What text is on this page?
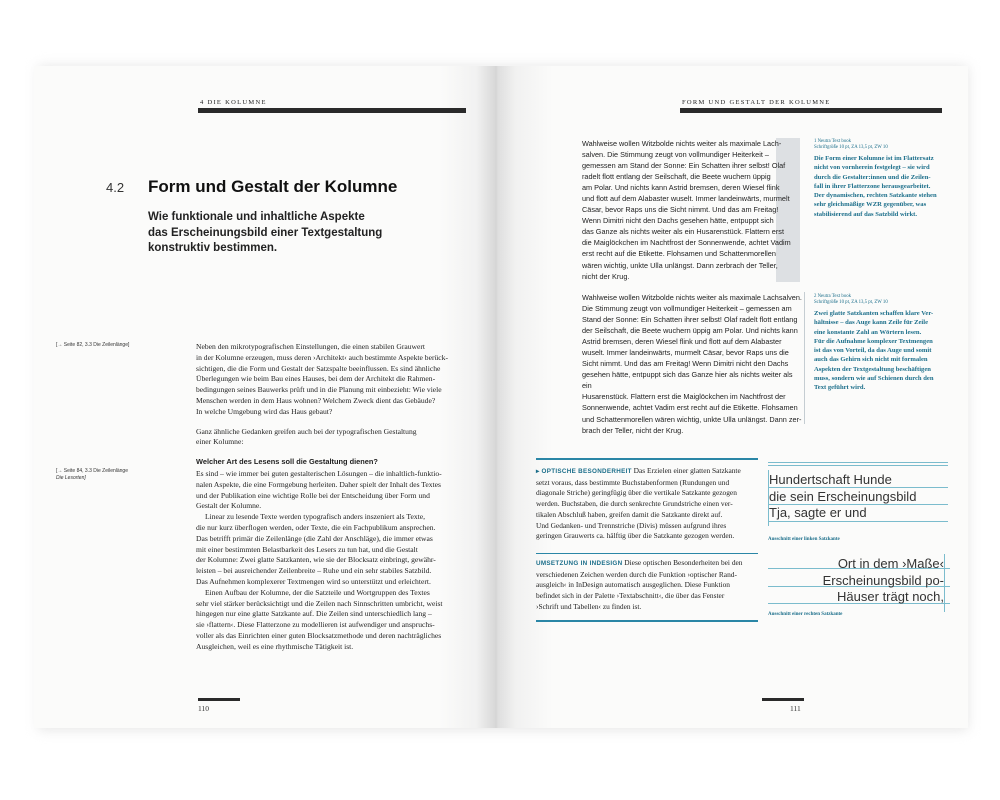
4 DIE KOLUMNE
4.2 Form und Gestalt der Kolumne
Wie funktionale und inhaltliche Aspekte
das Erscheinungsbild einer Textgestaltung
konstruktiv bestimmen.
[→ Seite 82, 3.3 Die Zeilenlänge]
[→ Seite 84, 3.3 Die Zeilenlänge
Die Lesorten]

Neben den mikrotypografischen Einstellungen, die einen stabilen Grauwert

in der Kolumne erzeugen, muss deren ›Architekt‹ auch bestimmte Aspekte berück-

sichtigen, die die Form und Gestalt der Satzspalte beeinflussen. Es sind ähnliche

Überlegungen wie beim Bau eines Hauses, bei dem der Architekt die Rahmen-

bedingungen seines Bauwerks prüft und in die Planung mit einbezieht: Wie viele

Menschen werden in dem Haus wohnen? Welchem Zweck dient das Gebäude?

In welche Umgebung wird das Haus gebaut?

Ganz ähnliche Gedanken greifen auch bei der typografischen Gestaltung

einer Kolumne:

Welcher Art des Lesens soll die Gestaltung dienen?

Es sind – wie immer bei guten gestalterischen Lösungen – die inhaltlich-funktio-

nalen Aspekte, die eine Formgebung herleiten. Daher spielt der Inhalt des Textes

und der Publikation eine wichtige Rolle bei der Entscheidung über Form und

Gestalt der Kolumne.

Linear zu lesende Texte werden typografisch anders inszeniert als Texte,

die nur kurz überflogen werden, oder Texte, die ein Fachpublikum ansprechen.

Das betrifft primär die Zeilenlänge (die Zahl der Anschläge), die immer etwas

mit einer bestimmten Belastbarkeit des Lesers zu tun hat, und die Gestalt

der Kolumne: Zwei glatte Satzkanten, wie sie der Blocksatz einbringt, gewähr-

leisten – bei ausreichender Zeilenbreite – Ruhe und ein sehr stabiles Satzbild.

Das Aufnehmen komplexerer Textmengen wird so unterstützt und erleichtert.

Einen Aufbau der Kolumne, der die Satzteile und Wortgruppen des Textes

sehr viel stärker berücksichtigt und die Zeilen nach Sinnschritten umbricht, weist

hingegen nur eine glatte Satzkante auf. Die Zeilen sind unterschiedlich lang –

sie ›flattern‹. Diese Flatterzone zu modellieren ist aufwendiger und anspruchs-

voller als das Einrichten einer guten Blocksatzmethode und deren nachträgliches

Ausgleichen, weil es eine rhythmische Tätigkeit ist.

110
FORM UND GESTALT DER KOLUMNE

Wahlweise wollen Witzbolde nichts weiter als maximale Lach-

salven. Die Stimmung zeugt von vollmundiger Heiterkeit –

gemessen am Stand der Sonne: Ein Schatten ihrer selbst! Olaf

radelt flott entlang der Seilschaft, die Beete wuchern üppig

am Polar. Und nichts kann Astrid bremsen, deren Wiesel flink

und flott auf dem Alabaster wuselt. Immer landeinwärts, murmelt

Cäsar, bevor Raps uns die Sicht nimmt. Und das am Freitag!

Wenn Dimitri nicht den Dachs gesehen hätte, entpuppt sich

das Ganze als nichts weiter als ein Husarenstück. Flattern erst

die Maiglöckchen im Nachtfrost der Sonnenwende, achtet Vadim

erst recht auf die Etikette. Flohsamen und Schattenmorellen

wären wichtig, unkte Ulla unlängst. Dann zerbrach der Teller,

nicht der Krug.

1 Neutra Text book
Schriftgröße 10 pt, ZA 13,5 pt, ZW 10
Die Form einer Kolumne ist im Flattersatz
nicht von vornherein festgelegt – sie wird
durch die Gestalter:innen und die Zeilen-
fall in ihrer Flatterzone herausgearbeitet.
Der dynamischen, rechten Satzkante stehen
sehr gleichmäßige WZR gegenüber, was
stabilisierend auf das Satzbild wirkt.

Wahlweise wollen Witzbolde nichts weiter als maximale Lachsalven.

Die Stimmung zeugt von vollmundiger Heiterkeit – gemessen am

Stand der Sonne: Ein Schatten ihrer selbst! Olaf radelt flott entlang

der Seilschaft, die Beete wuchern üppig am Polar. Und nichts kann

Astrid bremsen, deren Wiesel flink und flott auf dem Alabaster

wuselt. Immer landeinwärts, murmelt Cäsar, bevor Raps uns die

Sicht nimmt. Und das am Freitag! Wenn Dimitri nicht den Dachs

gesehen hätte, entpuppt sich das Ganze hier als nichts weiter als ein

Husarenstück. Flattern erst die Maiglöckchen im Nachtfrost der

Sonnenwende, achtet Vadim erst recht auf die Etikette. Flohsamen

und Schattenmorellen wären wichtig, unkte Ulla unlängst. Dann zer-

brach der Teller, nicht der Krug.

2 Neutra Text book
Schriftgröße 10 pt, ZA 13,5 pt, ZW 10
Zwei glatte Satzkanten schaffen klare Ver-
hältnisse – das Auge kann Zeile für Zeile
eine konstante Zahl an Wörtern lesen.
Für die Aufnahme komplexer Textmengen
ist das von Vorteil, da das Auge und somit
auch das Gehirn sich nicht mit formalen
Aspekten der Textgestaltung beschäftigen
muss, sondern wie auf Schienen durch den
Text geführt wird.
▸ OPTISCHE BESONDERHEIT Das Erzielen einer glatten Satzkante
setzt voraus, dass bestimmte Buchstabenformen (Rundungen und
diagonale Striche) geringfügig über die vertikale Satzkante gezogen
werden. Buchstaben, die durch senkrechte Grundstriche einen ver-
tikalen Abschluß haben, greifen damit die Satzkante direkt auf.
Und Gedanken- und Trennstriche (Divis) müssen aufgrund ihres
geringen Grauwerts ca. hälftig über die Satzkante gezogen werden.
UMSETZUNG IN INDESIGN Diese optischen Besonderheiten bei den
verschiedenen Zeichen werden durch die Funktion ›optischer Rand-
ausgleich‹ in InDesign automatisch ausgeglichen. Diese Funktion
befindet sich in der Palette ›Textabschnitt‹, die über das Fenster
›Schrift und Tabellen‹ zu finden ist.
Hundertschaft Hunde
die sein Erscheinungsbild
Tja, sagte er und
Ausschnitt einer linken Satzkante
Ort in dem ›Maße‹
Erscheinungsbild po-
Häuser trägt noch,
Ausschnitt einer rechten Satzkante
111
